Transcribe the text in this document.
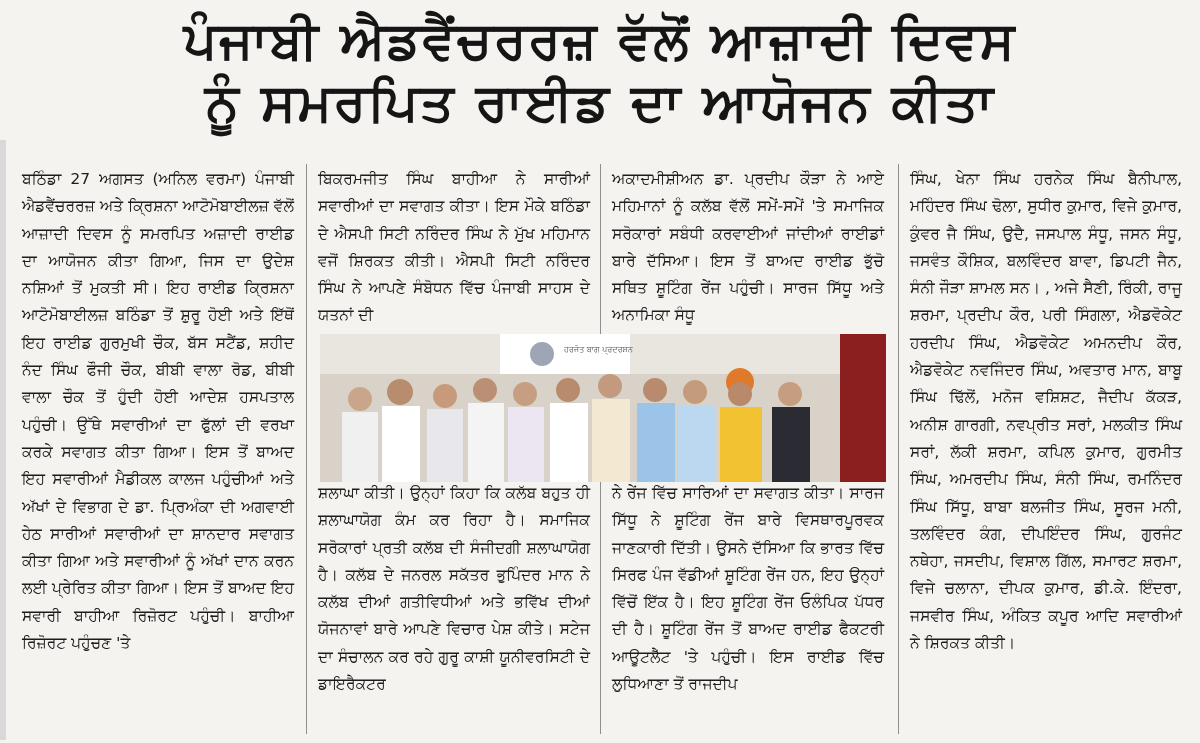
ਪੰਜਾਬੀ ਐਡਵੈਂਚਰਰਜ਼ ਵੱਲੋਂ ਆਜ਼ਾਦੀ ਦਿਵਸ
ਨੂੰ ਸਮਰਪਿਤ ਰਾਈਡ ਦਾ ਆਯੋਜਨ ਕੀਤਾ

ਬਠਿੰਡਾ 27 ਅਗਸਤ (ਅਨਿਲ ਵਰਮਾ) ਪੰਜਾਬੀ ਐਡਵੈਂਚਰਰਜ਼ ਅਤੇ ਕ੍ਰਿਸ਼ਨਾ ਆਟੋਮੋਬਾਈਲਜ਼ ਵੱਲੋਂ ਆਜ਼ਾਦੀ ਦਿਵਸ ਨੂੰ ਸਮਰਪਿਤ ਅਜ਼ਾਦੀ ਰਾਈਡ ਦਾ ਆਯੋਜਨ ਕੀਤਾ ਗਿਆ, ਜਿਸ ਦਾ ਉਦੇਸ਼ ਨਸ਼ਿਆਂ ਤੋਂ ਮੁਕਤੀ ਸੀ। ਇਹ ਰਾਈਡ ਕ੍ਰਿਸ਼ਨਾ ਆਟੋਮੋਬਾਈਲਜ਼ ਬਠਿੰਡਾ ਤੋਂ ਸ਼ੁਰੂ ਹੋਈ ਅਤੇ ਇੱਥੋਂ ਇਹ ਰਾਈਡ ਗੁਰਮੁਖੀ ਚੌਕ, ਬੱਸ ਸਟੈਂਡ, ਸ਼ਹੀਦ ਨੰਦ ਸਿੰਘ ਫੌਜੀ ਚੌਕ, ਬੀਬੀ ਵਾਲਾ ਰੋਡ, ਬੀਬੀ ਵਾਲਾ ਚੌਕ ਤੋਂ ਹੁੰਦੀ ਹੋਈ ਆਦੇਸ਼ ਹਸਪਤਾਲ ਪਹੁੰਚੀ। ਉੱਥੇ ਸਵਾਰੀਆਂ ਦਾ ਫੁੱਲਾਂ ਦੀ ਵਰਖਾ ਕਰਕੇ ਸਵਾਗਤ ਕੀਤਾ ਗਿਆ। ਇਸ ਤੋਂ ਬਾਅਦ ਇਹ ਸਵਾਰੀਆਂ ਮੈਡੀਕਲ ਕਾਲਜ ਪਹੁੰਚੀਆਂ ਅਤੇ ਅੱਖਾਂ ਦੇ ਵਿਭਾਗ ਦੇ ਡਾ. ਪ੍ਰਿਅੰਕਾ ਦੀ ਅਗਵਾਈ ਹੇਠ ਸਾਰੀਆਂ ਸਵਾਰੀਆਂ ਦਾ ਸ਼ਾਨਦਾਰ ਸਵਾਗਤ ਕੀਤਾ ਗਿਆ ਅਤੇ ਸਵਾਰੀਆਂ ਨੂੰ ਅੱਖਾਂ ਦਾਨ ਕਰਨ ਲਈ ਪ੍ਰੇਰਿਤ ਕੀਤਾ ਗਿਆ। ਇਸ ਤੋਂ ਬਾਅਦ ਇਹ ਸਵਾਰੀ ਬਾਹੀਆ ਰਿਜ਼ੋਰਟ ਪਹੁੰਚੀ। ਬਾਹੀਆ ਰਿਜ਼ੋਰਟ ਪਹੁੰਚਣ 'ਤੇ

ਬਿਕਰਮਜੀਤ ਸਿੰਘ ਬਾਹੀਆ ਨੇ ਸਾਰੀਆਂ ਸਵਾਰੀਆਂ ਦਾ ਸਵਾਗਤ ਕੀਤਾ। ਇਸ ਮੌਕੇ ਬਠਿੰਡਾ ਦੇ ਐਸਪੀ ਸਿਟੀ ਨਰਿੰਦਰ ਸਿੰਘ ਨੇ ਮੁੱਖ ਮਹਿਮਾਨ ਵਜੋਂ ਸ਼ਿਰਕਤ ਕੀਤੀ। ਐਸਪੀ ਸਿਟੀ ਨਰਿੰਦਰ ਸਿੰਘ ਨੇ ਆਪਣੇ ਸੰਬੋਧਨ ਵਿੱਚ ਪੰਜਾਬੀ ਸਾਹਸ ਦੇ ਯਤਨਾਂ ਦੀ

ਅਕਾਦਮੀਸ਼ੀਅਨ ਡਾ. ਪ੍ਰਦੀਪ ਕੌੜਾ ਨੇ ਆਏ ਮਹਿਮਾਨਾਂ ਨੂੰ ਕਲੱਬ ਵੱਲੋਂ ਸਮੇਂ-ਸਮੇਂ 'ਤੇ ਸਮਾਜਿਕ ਸਰੋਕਾਰਾਂ ਸਬੰਧੀ ਕਰਵਾਈਆਂ ਜਾਂਦੀਆਂ ਰਾਈਡਾਂ ਬਾਰੇ ਦੱਸਿਆ। ਇਸ ਤੋਂ ਬਾਅਦ ਰਾਈਡ ਭੁੱਚੋ ਸਥਿਤ ਸ਼ੂਟਿੰਗ ਰੇਂਜ ਪਹੁੰਚੀ। ਸਾਰਜ ਸਿੱਧੂ ਅਤੇ ਅਨਾਮਿਕਾ ਸੰਧੂ

ਹਰਜੋਤ ਬਾਗ ਪ੍ਰਦਰਸ਼ਨ

ਸ਼ਲਾਘਾ ਕੀਤੀ। ਉਨ੍ਹਾਂ ਕਿਹਾ ਕਿ ਕਲੱਬ ਬਹੁਤ ਹੀ ਸ਼ਲਾਘਾਯੋਗ ਕੰਮ ਕਰ ਰਿਹਾ ਹੈ। ਸਮਾਜਿਕ ਸਰੋਕਾਰਾਂ ਪ੍ਰਤੀ ਕਲੱਬ ਦੀ ਸੰਜੀਦਗੀ ਸ਼ਲਾਘਾਯੋਗ ਹੈ। ਕਲੱਬ ਦੇ ਜਨਰਲ ਸਕੱਤਰ ਭੁਪਿੰਦਰ ਮਾਨ ਨੇ ਕਲੱਬ ਦੀਆਂ ਗਤੀਵਿਧੀਆਂ ਅਤੇ ਭਵਿੱਖ ਦੀਆਂ ਯੋਜਨਾਵਾਂ ਬਾਰੇ ਆਪਣੇ ਵਿਚਾਰ ਪੇਸ਼ ਕੀਤੇ। ਸਟੇਜ ਦਾ ਸੰਚਾਲਨ ਕਰ ਰਹੇ ਗੁਰੂ ਕਾਸ਼ੀ ਯੂਨੀਵਰਸਿਟੀ ਦੇ ਡਾਇਰੈਕਟਰ

ਨੇ ਰੇਂਜ ਵਿੱਚ ਸਾਰਿਆਂ ਦਾ ਸਵਾਗਤ ਕੀਤਾ। ਸਾਰਜ ਸਿੱਧੂ ਨੇ ਸ਼ੂਟਿੰਗ ਰੇਂਜ ਬਾਰੇ ਵਿਸਥਾਰਪੂਰਵਕ ਜਾਣਕਾਰੀ ਦਿੱਤੀ। ਉਸਨੇ ਦੱਸਿਆ ਕਿ ਭਾਰਤ ਵਿੱਚ ਸਿਰਫ ਪੰਜ ਵੱਡੀਆਂ ਸ਼ੂਟਿੰਗ ਰੇਂਜ ਹਨ, ਇਹ ਉਨ੍ਹਾਂ ਵਿੱਚੋਂ ਇੱਕ ਹੈ। ਇਹ ਸ਼ੂਟਿੰਗ ਰੇਂਜ ਓਲੰਪਿਕ ਪੱਧਰ ਦੀ ਹੈ। ਸ਼ੂਟਿੰਗ ਰੇਂਜ ਤੋਂ ਬਾਅਦ ਰਾਈਡ ਫੈਕਟਰੀ ਆਊਟਲੈੱਟ 'ਤੇ ਪਹੁੰਚੀ। ਇਸ ਰਾਈਡ ਵਿੱਚ ਲੁਧਿਆਣਾ ਤੋਂ ਰਾਜਦੀਪ

ਸਿੰਘ, ਖੇਨਾ ਸਿੰਘ ਹਰਨੇਕ ਸਿੰਘ ਬੈਨੀਪਾਲ, ਮਹਿੰਦਰ ਸਿੰਘ ਢੋਲਾ, ਸੁਧੀਰ ਕੁਮਾਰ, ਵਿਜੇ ਕੁਮਾਰ, ਕੁੰਵਰ ਜੈ ਸਿੰਘ, ਉਦੈ, ਜਸਪਾਲ ਸੰਧੂ, ਜਸਨ ਸੰਧੂ, ਜਸਵੰਤ ਕੌਸ਼ਿਕ, ਬਲਵਿੰਦਰ ਬਾਵਾ, ਡਿਪਟੀ ਜੈਨ, ਸੰਨੀ ਜੌੜਾ ਸ਼ਾਮਲ ਸਨ। , ਅਜੇ ਸੈਣੀ, ਰਿੰਕੀ, ਰਾਜੂ ਸ਼ਰਮਾ, ਪ੍ਰਦੀਪ ਕੌਰ, ਪਰੀ ਸਿੰਗਲਾ, ਐਡਵੋਕੇਟ ਹਰਦੀਪ ਸਿੰਘ, ਐਡਵੋਕੇਟ ਅਮਨਦੀਪ ਕੌਰ, ਐਡਵੋਕੇਟ ਨਵਜਿੰਦਰ ਸਿੰਘ, ਅਵਤਾਰ ਮਾਨ, ਬਾਬੂ ਸਿੰਘ ਢਿੱਲੋਂ, ਮਨੋਜ ਵਸ਼ਿਸ਼ਟ, ਜੈਦੀਪ ਕੱਕੜ, ਅਨੀਸ਼ ਗਾਰਗੀ, ਨਵਪ੍ਰੀਤ ਸਰਾਂ, ਮਲਕੀਤ ਸਿੰਘ ਸਰਾਂ, ਲੱਕੀ ਸ਼ਰਮਾ, ਕਪਿਲ ਕੁਮਾਰ, ਗੁਰਮੀਤ ਸਿੰਘ, ਅਮਰਦੀਪ ਸਿੰਘ, ਸੰਨੀ ਸਿੰਘ, ਰਮਨਿੰਦਰ ਸਿੰਘ ਸਿੱਧੂ, ਬਾਬਾ ਬਲਜੀਤ ਸਿੰਘ, ਸੂਰਜ ਮਨੀ, ਤਲਵਿੰਦਰ ਕੰਗ, ਦੀਪਇੰਦਰ ਸਿੰਘ, ਗੁਰਜੰਟ ਨਥੇਹਾ, ਜਸਦੀਪ, ਵਿਸ਼ਾਲ ਗਿੱਲ, ਸਮਾਰਟ ਸ਼ਰਮਾ, ਵਿਜੇ ਚਲਾਨਾ, ਦੀਪਕ ਕੁਮਾਰ, ਡੀ.ਕੇ. ਇੰਦਰਾ, ਜਸਵੀਰ ਸਿੰਘ, ਅੰਕਿਤ ਕਪੂਰ ਆਦਿ ਸਵਾਰੀਆਂ ਨੇ ਸ਼ਿਰਕਤ ਕੀਤੀ।
